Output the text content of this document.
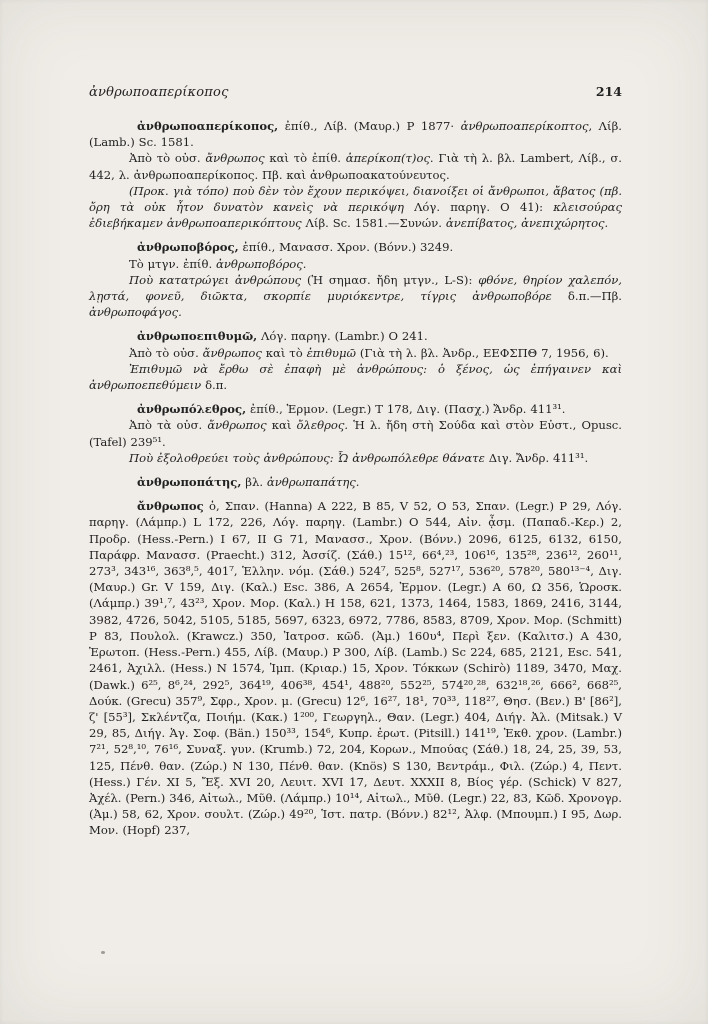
ἀνθρωποαπερίκοπος	214

ἀνθρωποαπερίκοπος, ἐπίθ., Λίβ. (Μαυρ.) P 1877· ἀνθρωποαπερίκοπτος, Λίβ. (Lamb.) Sc. 1581.

Ἀπὸ τὸ οὐσ. ἄνθρωπος καὶ τὸ ἐπίθ. ἀπερίκοπ(τ)ος. Γιὰ τὴ λ. βλ. Lambert, Λίβ., σ. 442, λ. ἀνθρωποαπερίκοπος. Πβ. καὶ ἀνθρωποακατούνευτος.

(Προκ. γιὰ τόπο) ποὺ δὲν τὸν ἔχουν περικόψει, διανοίξει οἱ ἄνθρωποι, ἄβατος (πβ. ὄρη τὰ οὐκ ἦτον δυνατὸν κανεὶς νὰ περικόψη Λόγ. παρηγ. Ο 41): κλεισούρας ἐδιεβήκαμεν ἀνθρωποαπερικόπτους Λίβ. Sc. 1581.—Συνών. ἀνεπίβατος, ἀνεπιχώρητος.

ἀνθρωποβόρος, ἐπίθ., Μανασσ. Χρον. (Βόνν.) 3249.

Τὸ μτγν. ἐπίθ. ἀνθρωποβόρος.

Ποὺ κατατρώγει ἀνθρώπους (Ἡ σημασ. ἤδη μτγν., L-S): φθόνε, θηρίον χαλεπόν, λῃστά, φονεῦ, διῶκτα, σκορπίε μυριόκεντρε, τίγρις ἀνθρωποβόρε δ.π.—Πβ. ἀνθρωποφάγος.

ἀνθρωποεπιθυμῶ, Λόγ. παρηγ. (Lambr.) Ο 241.

Ἀπὸ τὸ οὐσ. ἄνθρωπος καὶ τὸ ἐπιθυμῶ (Γιὰ τὴ λ. βλ. Ἀνδρ., ΕΕΦΣΠΘ 7, 1956, 6).

Ἐπιθυμῶ νὰ ἔρθω σὲ ἐπαφὴ μὲ ἀνθρώπους: ὁ ξένος, ὡς ἐπήγαινεν καὶ ἀνθρωποεπεθύμειν δ.π.

ἀνθρωπόλεθρος, ἐπίθ., Ἑρμον. (Legr.) T 178, Διγ. (Πασχ.) Ἄνδρ. 411³¹.

Ἀπὸ τὰ οὐσ. ἄνθρωπος καὶ ὄλεθρος. Ἡ λ. ἤδη στὴ Σούδα καὶ στὸν Εὐστ., Opusc. (Tafel) 239⁵¹.

Ποὺ ἐξολοθρεύει τοὺς ἀνθρώπους: Ὦ ἀνθρωπόλεθρε θάνατε Διγ. Ἄνδρ. 411³¹.

ἀνθρωποπάτης, βλ. ἀνθρωπαπάτης.

ἄνθρωπος ὁ, Σπαν. (Hanna) A 222, B 85, V 52, O 53, Σπαν. (Legr.) P 29, Λόγ. παρηγ. (Λάμπρ.) L 172, 226, Λόγ. παρηγ. (Lambr.) Ο 544, Αἰν. ᾆσμ. (Παπαδ.-Κερ.) 2, Προδρ. (Hess.-Pern.) I 67, II G 71, Μανασσ., Χρον. (Βόνν.) 2096, 6125, 6132, 6150, Παράφρ. Μανασσ. (Praecht.) 312, Ἀσσίζ. (Σάθ.) 15¹², 66⁴,²³, 106¹⁶, 135²⁸, 236¹², 260¹¹, 273³, 343¹⁶, 363⁸,⁵, 401⁷, Ἑλλην. νόμ. (Σάθ.) 524⁷, 525⁸, 527¹⁷, 536²⁰, 578²⁰, 580¹³⁻⁴, Διγ. (Μαυρ.) Gr. V 159, Διγ. (Καλ.) Esc. 386, A 2654, Ἑρμον. (Legr.) A 60, Ω 356, Ὡροσκ. (Λάμπρ.) 39¹,⁷, 43²³, Χρον. Μορ. (Καλ.) H 158, 621, 1373, 1464, 1583, 1869, 2416, 3144, 3982, 4726, 5042, 5105, 5185, 5697, 6323, 6972, 7786, 8583, 8709, Χρον. Μορ. (Schmitt) P 83, Πουλολ. (Krawcz.) 350, Ἰατροσ. κῶδ. (Ἀμ.) 160υ⁴, Περὶ ξεν. (Καλιτσ.) A 430, Ἐρωτοπ. (Hess.-Pern.) 455, Λίβ. (Μαυρ.) P 300, Λίβ. (Lamb.) Sc 224, 685, 2121, Esc. 541, 2461, Ἀχιλλ. (Hess.) N 1574, Ἰμπ. (Κριαρ.) 15, Χρον. Τόκκων (Schirò) 1189, 3470, Μαχ. (Dawk.) 6²⁵, 8⁶,²⁴, 292⁵, 364¹⁹, 406³⁸, 454¹, 488²⁰, 552²⁵, 574²⁰,²⁸, 632¹⁸,²⁶, 666², 668²⁵, Δούκ. (Grecu) 357⁹, Σφρ., Χρον. μ. (Grecu) 12⁶, 16²⁷, 18¹, 70³³, 118²⁷, Θησ. (Βεν.) Β' [86²], ζ' [55³], Σκλέντζα, Ποιήμ. (Κακ.) 1²⁰⁰, Γεωργηλ., Θαν. (Legr.) 404, Διήγ. Ἀλ. (Mitsak.) V 29, 85, Διήγ. Ἁγ. Σοφ. (Bän.) 150³³, 154⁶, Κυπρ. ἐρωτ. (Pitsill.) 141¹⁹, Ἐκθ. χρον. (Lambr.) 7²¹, 52⁸,¹⁰, 76¹⁶, Συναξ. γυν. (Krumb.) 72, 204, Κορων., Μπούας (Σάθ.) 18, 24, 25, 39, 53, 125, Πένθ. θαν. (Ζώρ.) N 130, Πένθ. θαν. (Knös) S 130, Βεντράμ., Φιλ. (Ζώρ.) 4, Πεντ. (Hess.) Γέν. XI 5, Ἔξ. XVI 20, Λευιτ. XVI 17, Δευτ. XXXII 8, Βίος γέρ. (Schick) V 827, Ἀχέλ. (Pern.) 346, Αἰτωλ., Μῦθ. (Λάμπρ.) 10¹⁴, Αἰτωλ., Μῦθ. (Legr.) 22, 83, Κῶδ. Χρονογρ. (Ἀμ.) 58, 62, Χρον. σουλτ. (Ζώρ.) 49²⁰, Ἱστ. πατρ. (Βόνν.) 82¹², Ἀλφ. (Μπουμπ.) I 95, Δωρ. Μον. (Hopf) 237,
